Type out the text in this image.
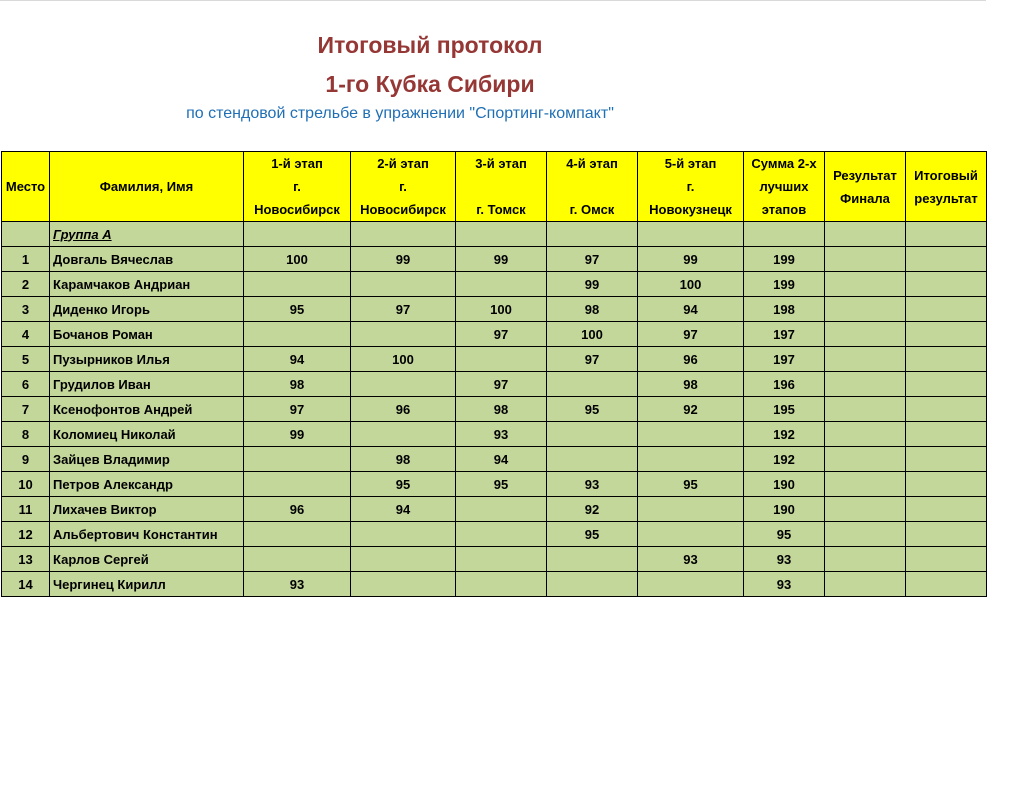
Итоговый протокол
1-го Кубка Сибири
по стендовой стрельбе в упражнении "Спортинг-компакт"
Место	Фамилия, Имя	1-й этап
г.
Новосибирск	2-й этап
г.
Новосибирск	3-й этап

г. Томск	4-й этап

г. Омск	5-й этап
г.
Новокузнецк	Сумма 2-х
лучших
этапов	Результат
Финала	Итоговый
результат
	Группа А								
1	Довгаль Вячеслав	100	99	99	97	99	199		
2	Карамчаков Андриан				99	100	199		
3	Диденко Игорь	95	97	100	98	94	198		
4	Бочанов Роман			97	100	97	197		
5	Пузырников Илья	94	100		97	96	197		
6	Грудилов Иван	98		97		98	196		
7	Ксенофонтов Андрей	97	96	98	95	92	195		
8	Коломиец Николай	99		93			192		
9	Зайцев Владимир		98	94			192		
10	Петров Александр		95	95	93	95	190		
11	Лихачев Виктор	96	94		92		190		
12	Альбертович Константин				95		95		
13	Карлов Сергей					93	93		
14	Чергинец Кирилл	93					93		
